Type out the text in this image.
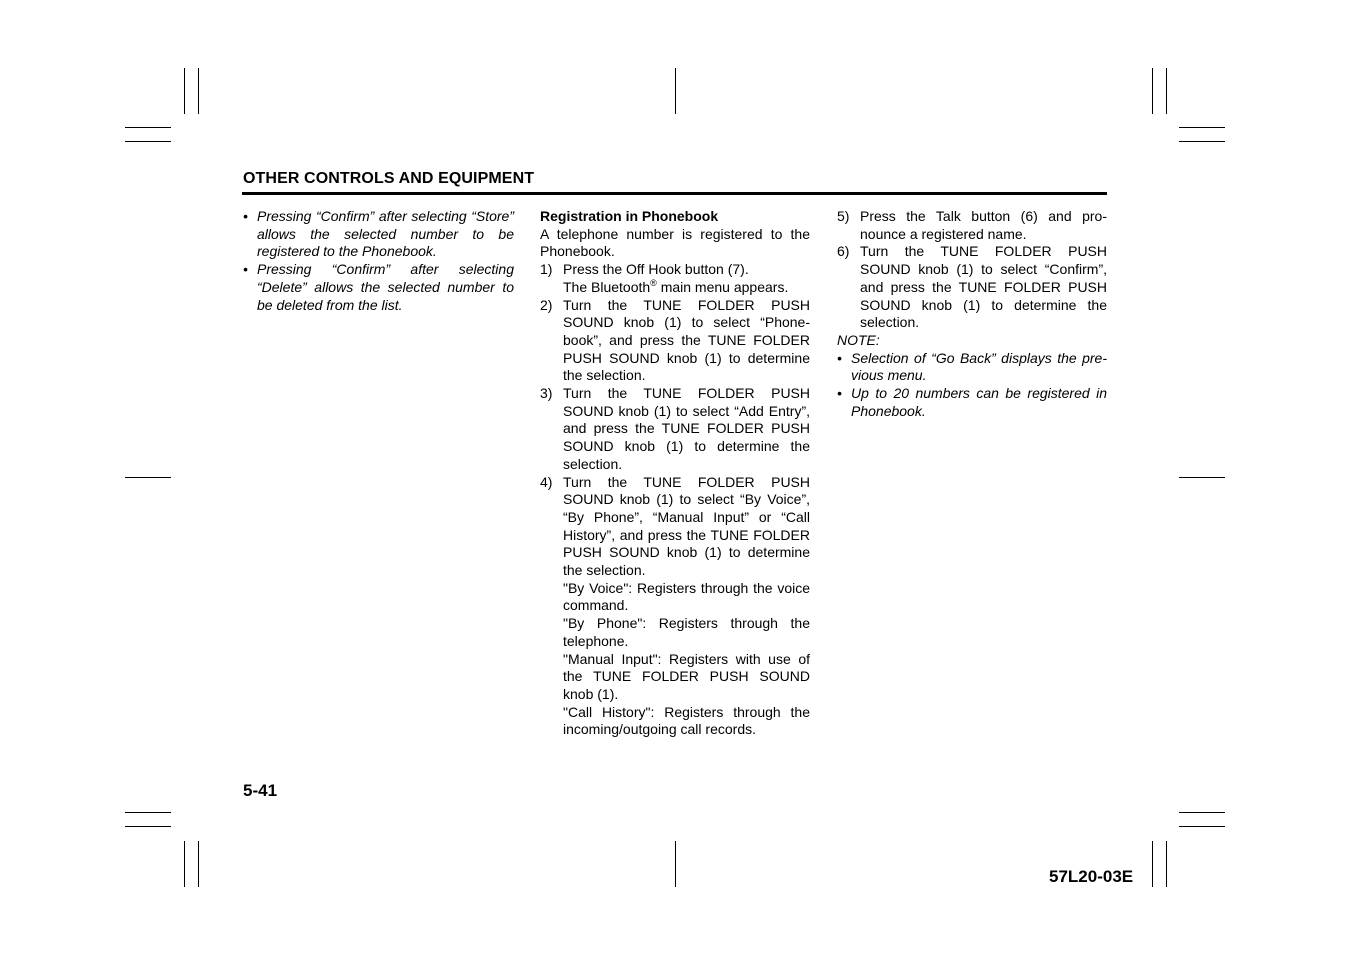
OTHER CONTROLS AND EQUIPMENT
• Pressing “Confirm” after selecting “Store” allows the selected number to be registered to the Phonebook.
• Pressing “Confirm” after selecting “Delete” allows the selected number to be deleted from the list.

Registration in Phonebook

A telephone number is registered to the Phonebook.

1) Press the Off Hook button (7).

The Bluetooth® main menu appears.

2) Turn the TUNE FOLDER PUSH SOUND knob (1) to select “Phone-book”, and press the TUNE FOLDER PUSH SOUND knob (1) to determine the selection.

3) Turn the TUNE FOLDER PUSH SOUND knob (1) to select “Add Entry”, and press the TUNE FOLDER PUSH SOUND knob (1) to determine the selection.

4) Turn the TUNE FOLDER PUSH SOUND knob (1) to select “By Voice”, “By Phone”, “Manual Input” or “Call History”, and press the TUNE FOLDER PUSH SOUND knob (1) to determine the selection.

"By Voice": Registers through the voice command.

"By Phone": Registers through the telephone.

"Manual Input": Registers with use of the TUNE FOLDER PUSH SOUND knob (1).

"Call History": Registers through the incoming/outgoing call records.

5) Press the Talk button (6) and pro-nounce a registered name.

6) Turn the TUNE FOLDER PUSH SOUND knob (1) to select “Confirm”, and press the TUNE FOLDER PUSH SOUND knob (1) to determine the selection.

NOTE:

• Selection of “Go Back” displays the pre-vious menu.
• Up to 20 numbers can be registered in Phonebook.
5-41
57L20-03E
